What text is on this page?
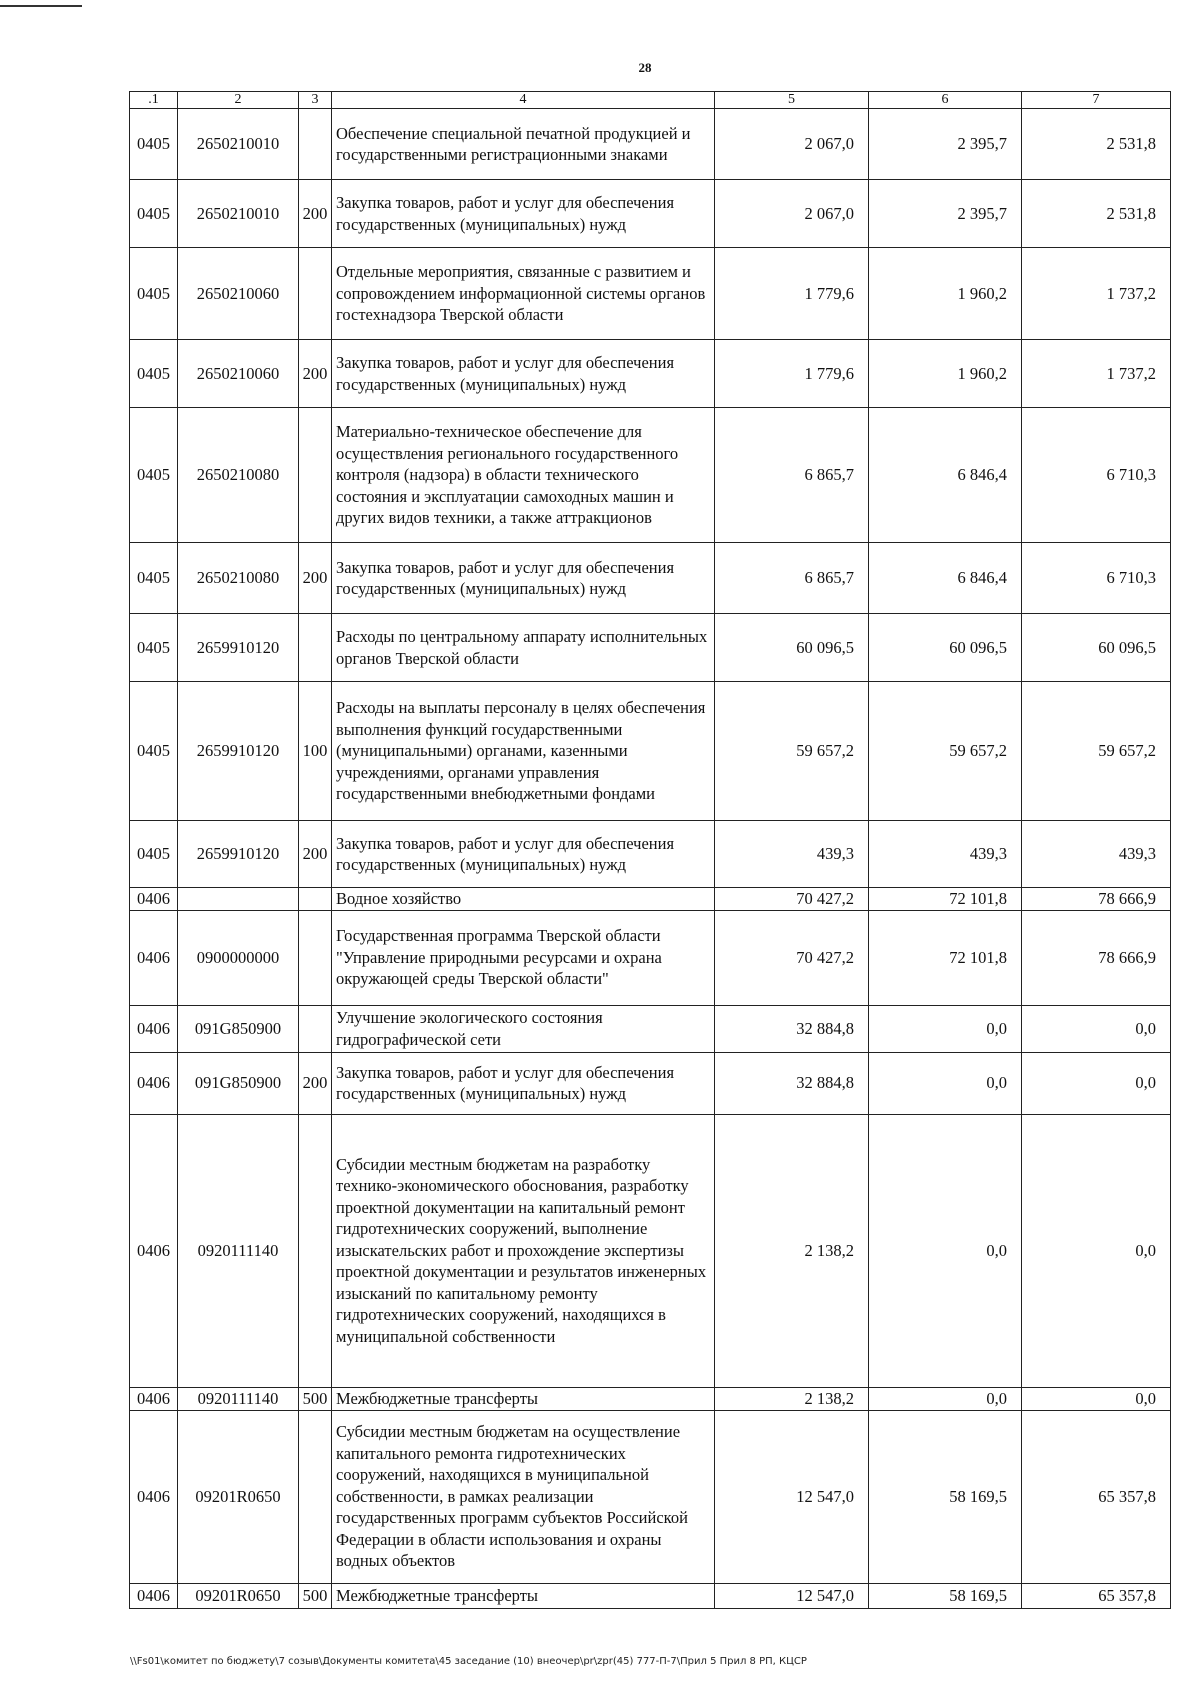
28
.1	2	3	4	5	6	7
0405	2650210010		Обеспечение специальной печатной продукцией и государственными регистрационными знаками	2 067,0	2 395,7	2 531,8
0405	2650210010	200	Закупка товаров, работ и услуг для обеспечения государственных (муниципальных) нужд	2 067,0	2 395,7	2 531,8
0405	2650210060		Отдельные мероприятия, связанные с развитием и сопровождением информационной системы органов гостехнадзора Тверской области	1 779,6	1 960,2	1 737,2
0405	2650210060	200	Закупка товаров, работ и услуг для обеспечения государственных (муниципальных) нужд	1 779,6	1 960,2	1 737,2
0405	2650210080		Материально-техническое обеспечение для осуществления регионального государственного контроля (надзора) в области технического состояния и эксплуатации самоходных машин и других видов техники, а также аттракционов	6 865,7	6 846,4	6 710,3
0405	2650210080	200	Закупка товаров, работ и услуг для обеспечения государственных (муниципальных) нужд	6 865,7	6 846,4	6 710,3
0405	2659910120		Расходы по центральному аппарату исполнительных органов Тверской области	60 096,5	60 096,5	60 096,5
0405	2659910120	100	Расходы на выплаты персоналу в целях обеспечения выполнения функций государственными (муниципальными) органами, казенными учреждениями, органами управления государственными внебюджетными фондами	59 657,2	59 657,2	59 657,2
0405	2659910120	200	Закупка товаров, работ и услуг для обеспечения государственных (муниципальных) нужд	439,3	439,3	439,3
0406			Водное хозяйство	70 427,2	72 101,8	78 666,9
0406	0900000000		Государственная программа Тверской области "Управление природными ресурсами и охрана окружающей среды Тверской области"	70 427,2	72 101,8	78 666,9
0406	091G850900		Улучшение экологического состояния гидрографической сети	32 884,8	0,0	0,0
0406	091G850900	200	Закупка товаров, работ и услуг для обеспечения государственных (муниципальных) нужд	32 884,8	0,0	0,0
0406	0920111140		Субсидии местным бюджетам на разработку технико-экономического обоснования, разработку проектной документации на капитальный ремонт гидротехнических сооружений, выполнение изыскательских работ и прохождение экспертизы проектной документации и результатов инженерных изысканий по капитальному ремонту гидротехнических сооружений, находящихся в муниципальной собственности	2 138,2	0,0	0,0
0406	0920111140	500	Межбюджетные трансферты	2 138,2	0,0	0,0
0406	09201R0650		Субсидии местным бюджетам на осуществление капитального ремонта гидротехнических сооружений, находящихся в муниципальной собственности, в рамках реализации государственных программ субъектов Российской Федерации в области использования и охраны водных объектов	12 547,0	58 169,5	65 357,8
0406	09201R0650	500	Межбюджетные трансферты	12 547,0	58 169,5	65 357,8
\\Fs01\комитет по бюджету\7 созыв\Документы комитета\45 заседание (10) внеочер\pr\zpr(45) 777-П-7\Прил 5 Прил 8 РП, КЦСР
